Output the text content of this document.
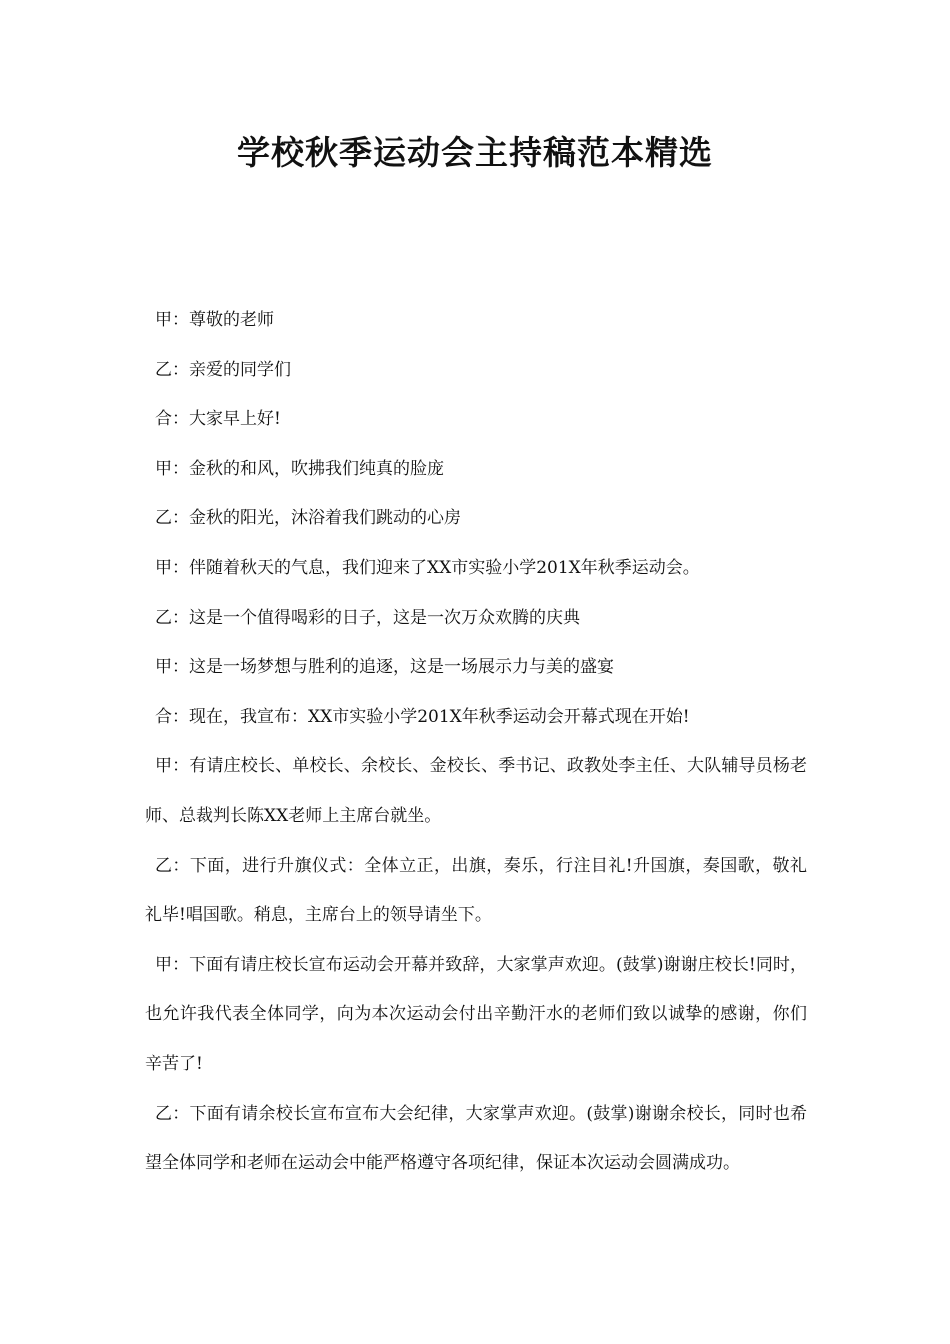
学校秋季运动会主持稿范本精选

甲：尊敬的老师

乙：亲爱的同学们

合：大家早上好!

甲：金秋的和风，吹拂我们纯真的脸庞

乙：金秋的阳光，沐浴着我们跳动的心房

甲：伴随着秋天的气息，我们迎来了XX市实验小学201X年秋季运动会。

乙：这是一个值得喝彩的日子，这是一次万众欢腾的庆典

甲：这是一场梦想与胜利的追逐，这是一场展示力与美的盛宴

合：现在，我宣布：XX市实验小学201X年秋季运动会开幕式现在开始!

甲：有请庄校长、单校长、余校长、金校长、季书记、政教处李主任、大队辅导员杨老师、总裁判长陈XX老师上主席台就坐。

乙：下面，进行升旗仪式：全体立正，出旗，奏乐，行注目礼!升国旗，奏国歌，敬礼 礼毕!唱国歌。稍息，主席台上的领导请坐下。

甲：下面有请庄校长宣布运动会开幕并致辞，大家掌声欢迎。(鼓掌)谢谢庄校长!同时，也允许我代表全体同学，向为本次运动会付出辛勤汗水的老师们致以诚挚的感谢，你们辛苦了!

乙：下面有请余校长宣布宣布大会纪律，大家掌声欢迎。(鼓掌)谢谢余校长，同时也希望全体同学和老师在运动会中能严格遵守各项纪律，保证本次运动会圆满成功。
